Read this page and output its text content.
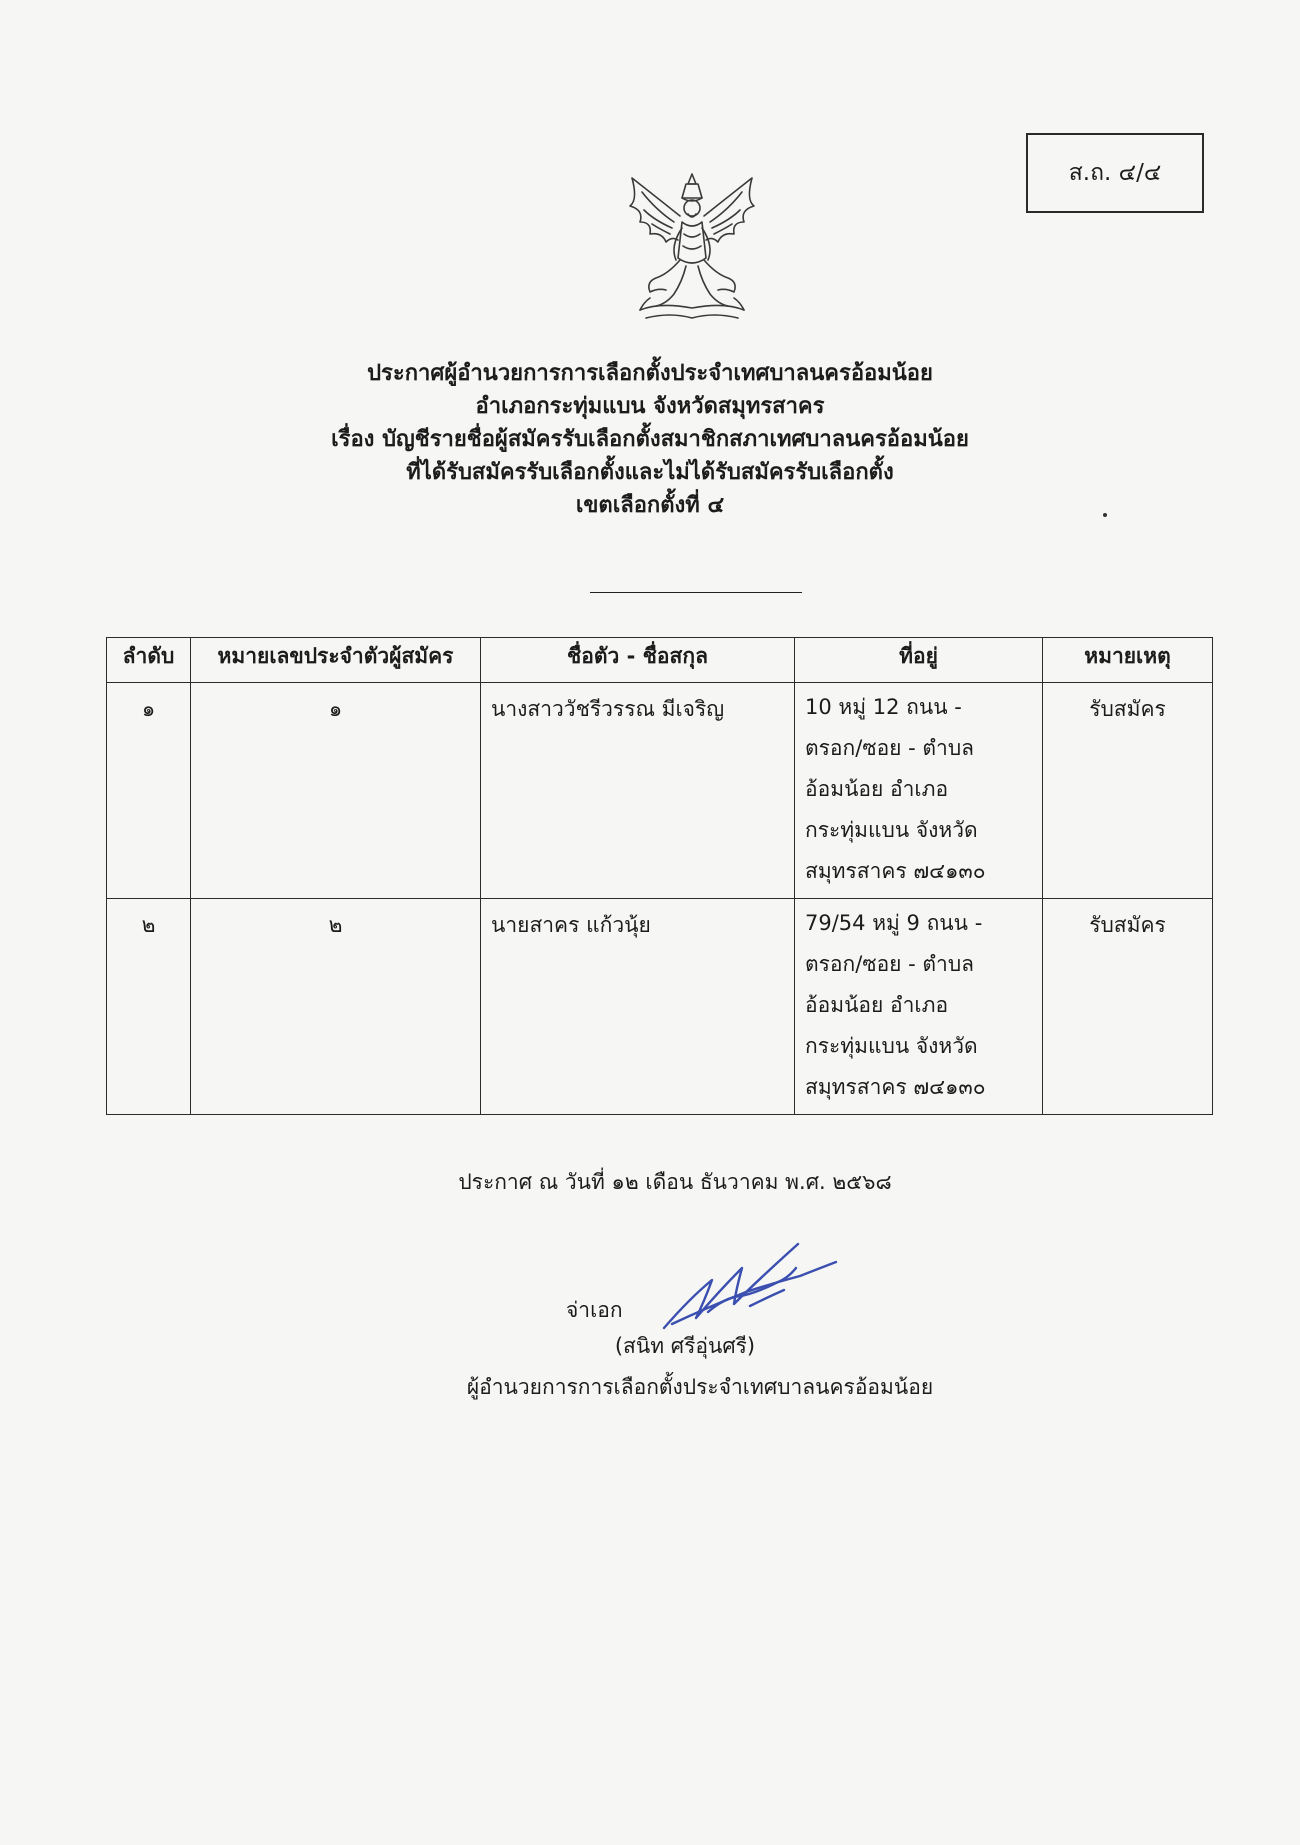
ส.ถ. ๔/๔
ประกาศผู้อำนวยการการเลือกตั้งประจำเทศบาลนครอ้อมน้อย
อำเภอกระทุ่มแบน จังหวัดสมุทรสาคร
เรื่อง บัญชีรายชื่อผู้สมัครรับเลือกตั้งสมาชิกสภาเทศบาลนครอ้อมน้อย
ที่ได้รับสมัครรับเลือกตั้งและไม่ได้รับสมัครรับเลือกตั้ง
เขตเลือกตั้งที่ ๔
ลำดับ	หมายเลขประจำตัวผู้สมัคร	ชื่อตัว - ชื่อสกุล	ที่อยู่	หมายเหตุ
๑	๑	นางสาววัชรีวรรณ มีเจริญ	10 หมู่ 12 ถนน -
ตรอก/ซอย - ตำบล
อ้อมน้อย อำเภอ
กระทุ่มแบน จังหวัด
สมุทรสาคร ๗๔๑๓๐	รับสมัคร
๒	๒	นายสาคร แก้วนุ้ย	79/54 หมู่ 9 ถนน -
ตรอก/ซอย - ตำบล
อ้อมน้อย อำเภอ
กระทุ่มแบน จังหวัด
สมุทรสาคร ๗๔๑๓๐	รับสมัคร
ประกาศ ณ วันที่ ๑๒ เดือน ธันวาคม พ.ศ. ๒๕๖๘
จ่าเอก
(สนิท ศรีอุ่นศรี)
ผู้อำนวยการการเลือกตั้งประจำเทศบาลนครอ้อมน้อย
